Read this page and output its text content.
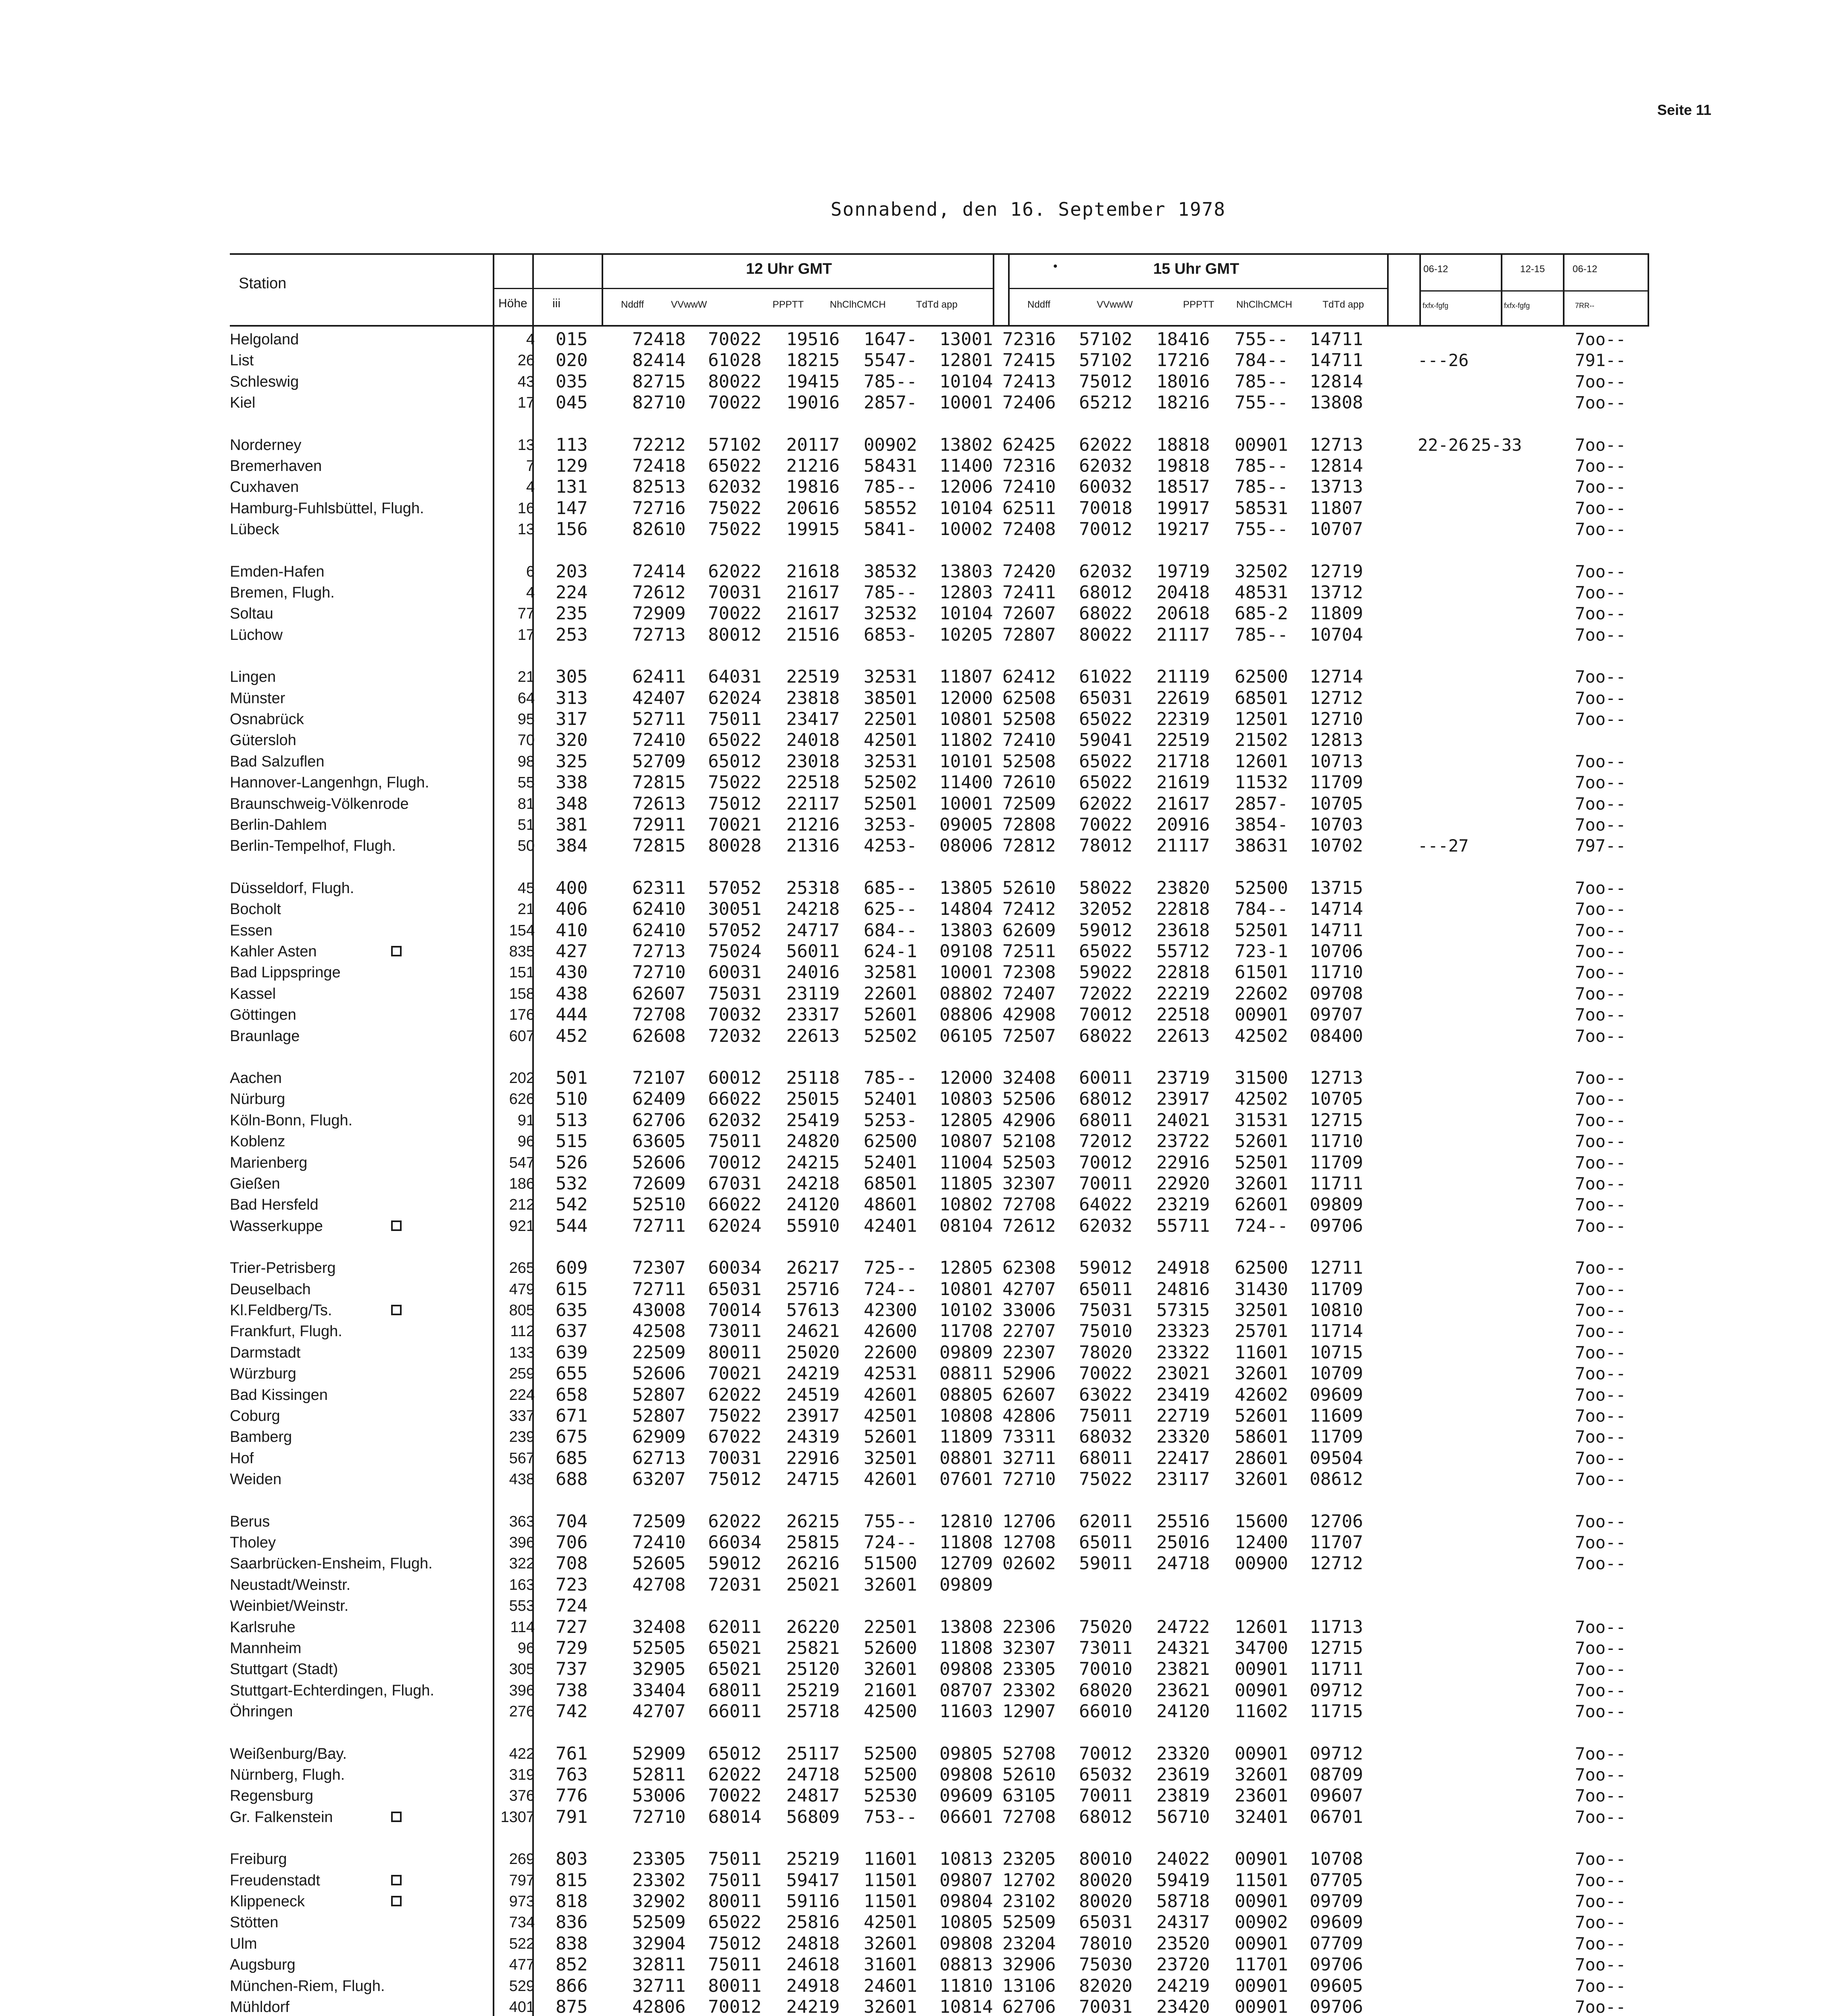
Seite 11
Sonnabend, den 16. September 1978
Station
Höhe iii
12 Uhr GMT	•	15 Uhr GMT
Nddff	VVwwW	PPPTT	NhClhCMCH	TdTd app	Nddff	VVwwW	PPPTT NhClhCMCH	TdTd app
06-12	12-15	06-12
fxfx-fgfg	fxfx-fgfg	7RR--
Helgoland	4 015	72418 70022 19516 1647- 13001 72316 57102 18416 755-- 14711	7oo--
List	26 020	82414 61028 18215 5547- 12801 72415 57102 17216 784-- 14711	---26	791--
Schleswig	43 035	82715 80022 19415 785-- 10104 72413 75012 18016 785-- 12814	7oo--
Kiel	17 045	82710 70022 19016 2857- 10001 72406 65212 18216 755-- 13808	7oo--
Norderney	13 113	72212 57102 20117 00902 13802 62425 62022 18818 00901 12713	22-26 25-33	7oo--
Bremerhaven	7 129	72418 65022 21216 58431 11400 72316 62032 19818 785-- 12814	7oo--
Cuxhaven	4 131	82513 62032 19816 785-- 12006 72410 60032 18517 785-- 13713	7oo--
Hamburg-Fuhlsbüttel, Flugh.	16 147	72716 75022 20616 58552 10104 62511 70018 19917 58531 11807	7oo--
Lübeck	13 156	82610 75022 19915 5841- 10002 72408 70012 19217 755-- 10707	7oo--
Emden-Hafen	6 203	72414 62022 21618 38532 13803 72420 62032 19719 32502 12719	7oo--
Bremen, Flugh.	4 224	72612 70031 21617 785-- 12803 72411 68012 20418 48531 13712	7oo--
Soltau	77 235	72909 70022 21617 32532 10104 72607 68022 20618 685-2 11809	7oo--
Lüchow	17 253	72713 80012 21516 6853- 10205 72807 80022 21117 785-- 10704	7oo--
Lingen	21 305	62411 64031 22519 32531 11807 62412 61022 21119 62500 12714	7oo--
Münster	64 313	42407 62024 23818 38501 12000 62508 65031 22619 68501 12712	7oo--
Osnabrück	95 317	52711 75011 23417 22501 10801 52508 65022 22319 12501 12710	7oo--
Gütersloh	70 320	72410 65022 24018 42501 11802 72410 59041 22519 21502 12813
Bad Salzuflen	98 325	52709 65012 23018 32531 10101 52508 65022 21718 12601 10713	7oo--
Hannover-Langenhgn, Flugh.	55 338	72815 75022 22518 52502 11400 72610 65022 21619 11532 11709	7oo--
Braunschweig-Völkenrode	81 348	72613 75012 22117 52501 10001 72509 62022 21617 2857- 10705	7oo--
Berlin-Dahlem	51 381	72911 70021 21216 3253- 09005 72808 70022 20916 3854- 10703	7oo--
Berlin-Tempelhof, Flugh.	50 384	72815 80028 21316 4253- 08006 72812 78012 21117 38631 10702	---27	797--
Düsseldorf, Flugh.	45 400	62311 57052 25318 685-- 13805 52610 58022 23820 52500 13715	7oo--
Bocholt	21 406	62410 30051 24218 625-- 14804 72412 32052 22818 784-- 14714	7oo--
Essen	154 410	62410 57052 24717 684-- 13803 62609 59012 23618 52501 14711	7oo--
Kahler Asten	835 427	72713 75024 56011 624-1 09108 72511 65022 55712 723-1 10706	7oo--
Bad Lippspringe	151 430	72710 60031 24016 32581 10001 72308 59022 22818 61501 11710	7oo--
Kassel	158 438	62607 75031 23119 22601 08802 72407 72022 22219 22602 09708	7oo--
Göttingen	176 444	72708 70032 23317 52601 08806 42908 70012 22518 00901 09707	7oo--
Braunlage	607 452	62608 72032 22613 52502 06105 72507 68022 22613 42502 08400	7oo--
Aachen	202 501	72107 60012 25118 785-- 12000 32408 60011 23719 31500 12713	7oo--
Nürburg	626 510	62409 66022 25015 52401 10803 52506 68012 23917 42502 10705	7oo--
Köln-Bonn, Flugh.	91 513	62706 62032 25419 5253- 12805 42906 68011 24021 31531 12715	7oo--
Koblenz	96 515	63605 75011 24820 62500 10807 52108 72012 23722 52601 11710	7oo--
Marienberg	547 526	52606 70012 24215 52401 11004 52503 70012 22916 52501 11709	7oo--
Gießen	186 532	72609 67031 24218 68501 11805 32307 70011 22920 32601 11711	7oo--
Bad Hersfeld	212 542	52510 66022 24120 48601 10802 72708 64022 23219 62601 09809	7oo--
Wasserkuppe	921 544	72711 62024 55910 42401 08104 72612 62032 55711 724-- 09706	7oo--
Trier-Petrisberg	265 609	72307 60034 26217 725-- 12805 62308 59012 24918 62500 12711	7oo--
Deuselbach	479 615	72711 65031 25716 724-- 10801 42707 65011 24816 31430 11709	7oo--
Kl.Feldberg/Ts.	805 635	43008 70014 57613 42300 10102 33006 75031 57315 32501 10810	7oo--
Frankfurt, Flugh.	112 637	42508 73011 24621 42600 11708 22707 75010 23323 25701 11714	7oo--
Darmstadt	133 639	22509 80011 25020 22600 09809 22307 78020 23322 11601 10715	7oo--
Würzburg	259 655	52606 70021 24219 42531 08811 52906 70022 23021 32601 10709	7oo--
Bad Kissingen	224 658	52807 62022 24519 42601 08805 62607 63022 23419 42602 09609	7oo--
Coburg	337 671	52807 75022 23917 42501 10808 42806 75011 22719 52601 11609	7oo--
Bamberg	239 675	62909 67022 24319 52601 11809 73311 68032 23320 58601 11709	7oo--
Hof	567 685	62713 70031 22916 32501 08801 32711 68011 22417 28601 09504	7oo--
Weiden	438 688	63207 75012 24715 42601 07601 72710 75022 23117 32601 08612	7oo--
Berus	363 704	72509 62022 26215 755-- 12810 12706 62011 25516 15600 12706	7oo--
Tholey	396 706	72410 66034 25815 724-- 11808 12708 65011 25016 12400 11707	7oo--
Saarbrücken-Ensheim, Flugh.	322 708	52605 59012 26216 51500 12709 02602 59011 24718 00900 12712	7oo--
Neustadt/Weinstr.	163 723	42708 72031 25021 32601 09809
Weinbiet/Weinstr.	553 724
Karlsruhe	114 727	32408 62011 26220 22501 13808 22306 75020 24722 12601 11713	7oo--
Mannheim	96 729	52505 65021 25821 52600 11808 32307 73011 24321 34700 12715	7oo--
Stuttgart (Stadt)	305 737	32905 65021 25120 32601 09808 23305 70010 23821 00901 11711	7oo--
Stuttgart-Echterdingen, Flugh.	396 738	33404 68011 25219 21601 08707 23302 68020 23621 00901 09712	7oo--
Öhringen	276 742	42707 66011 25718 42500 11603 12907 66010 24120 11602 11715	7oo--
Weißenburg/Bay.	422 761	52909 65012 25117 52500 09805 52708 70012 23320 00901 09712	7oo--
Nürnberg, Flugh.	319 763	52811 62022 24718 52500 09808 52610 65032 23619 32601 08709	7oo--
Regensburg	376 776	53006 70022 24817 52530 09609 63105 70011 23819 23601 09607	7oo--
Gr. Falkenstein	1307 791	72710 68014 56809 753-- 06601 72708 68012 56710 32401 06701	7oo--
Freiburg	269 803	23305 75011 25219 11601 10813 23205 80010 24022 00901 10708	7oo--
Freudenstadt	797 815	23302 75011 59417 11501 09807 12702 80020 59419 11501 07705	7oo--
Klippeneck	973 818	32902 80011 59116 11501 09804 23102 80020 58718 00901 09709	7oo--
Stötten	734 836	52509 65022 25816 42501 10805 52509 65031 24317 00902 09609	7oo--
Ulm	522 838	32904 75012 24818 32601 09808 23204 78010 23520 00901 07709	7oo--
Augsburg	477 852	32811 75011 24618 31601 08813 32906 75030 23720 11701 09706	7oo--
München-Riem, Flugh.	529 866	32711 80011 24918 24601 11810 13106 82020 24219 00901 09605	7oo--
Mühldorf	401 875	42806 70012 24219 32601 10814 62706 70031 23420 00901 09706	7oo--
